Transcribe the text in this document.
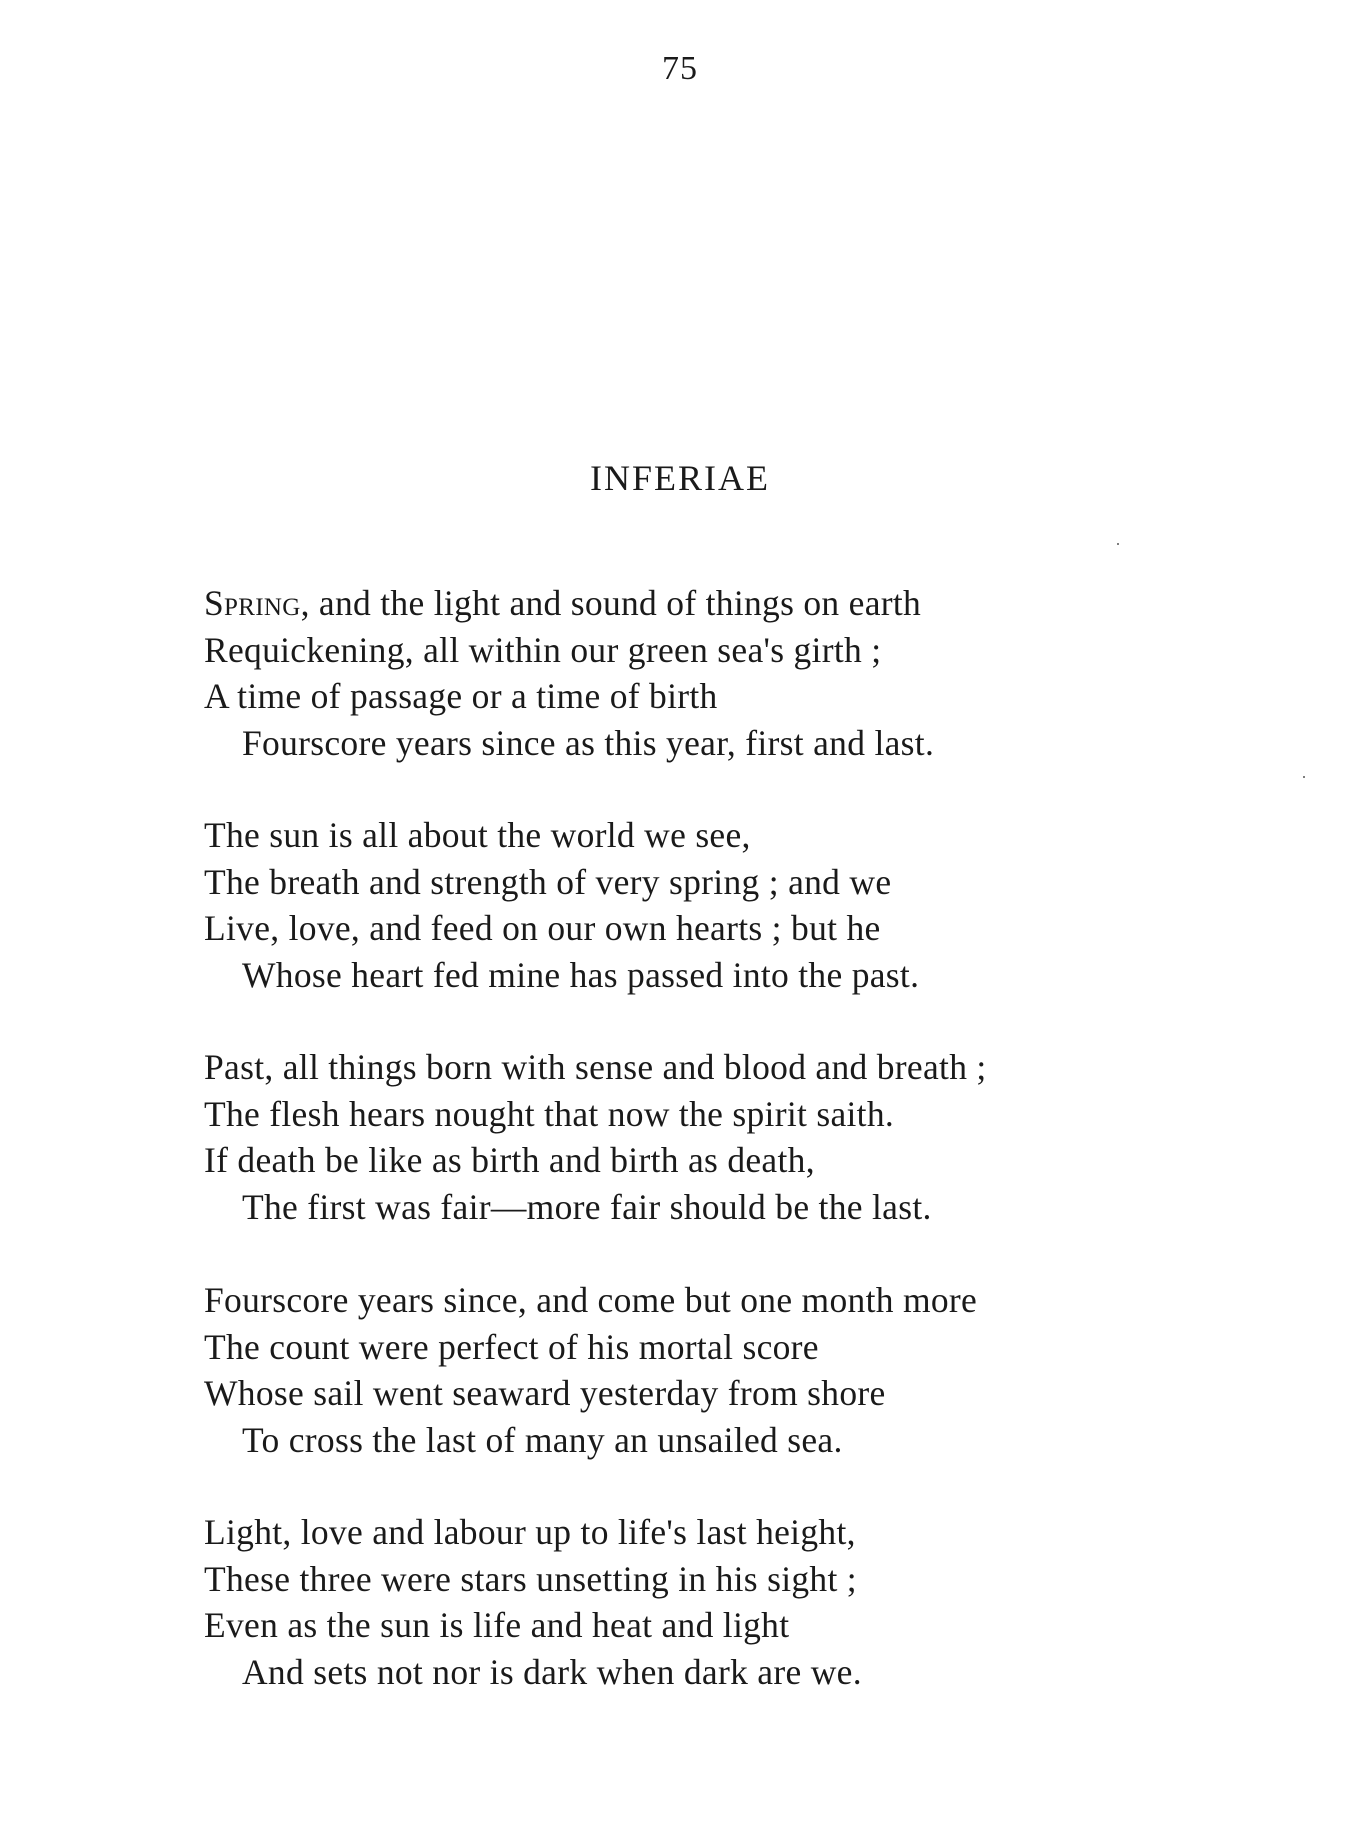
75
INFERIAE
Spring, and the light and sound of things on earth
Requickening, all within our green sea's girth ;
A time of passage or a time of birth
Fourscore years since as this year, first and last.
The sun is all about the world we see,
The breath and strength of very spring ; and we
Live, love, and feed on our own hearts ; but he
Whose heart fed mine has passed into the past.
Past, all things born with sense and blood and breath ;
The flesh hears nought that now the spirit saith.
If death be like as birth and birth as death,
The first was fair—more fair should be the last.
Fourscore years since, and come but one month more
The count were perfect of his mortal score
Whose sail went seaward yesterday from shore
To cross the last of many an unsailed sea.
Light, love and labour up to life's last height,
These three were stars unsetting in his sight ;
Even as the sun is life and heat and light
And sets not nor is dark when dark are we.
